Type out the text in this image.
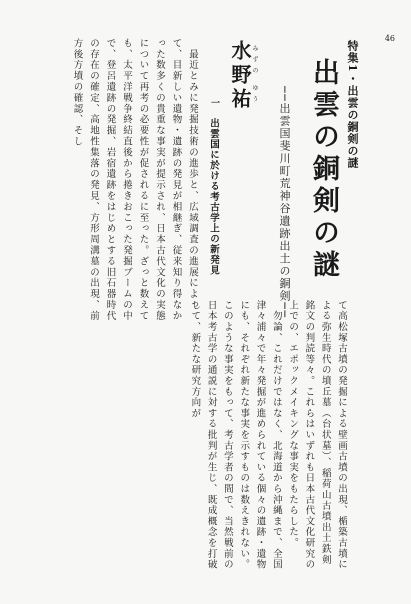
46
特集1・出雲の銅剣の謎
出雲の銅剣の謎
──出雲国斐川町荒神谷遺跡出土の銅剣──
みずの ゆう
水野祐
一
出雲国に於ける考古学上の新発見
　最近とみに発掘技術の進歩と、広域調査の進展によって、目新しい遺物・遺跡の発見が相継ぎ、従来知り得なかった数多くの貴重な事実が提示され、日本古代文化の実態について再考の必要性が促されるに至った。ざっと数えても、太平洋戦争終結直後から捲きおこった発掘ブームの中で、登呂遺跡の発掘、岩宿遺跡をはじめとする旧石器時代の存在の確定、高地性集落の発見、方形周溝墓の出現、前方後方墳の確認、そし
て高松塚古墳の発掘による壁画古墳の出現、楯築古墳による弥生時代の墳丘墓（台状墓）、稲荷山古墳出土鉄剣銘文の判読等々。これらはいずれも日本古代文化研究の上での、エポックメイキングな事実をもたらした。
　勿論、これだけではなく、北海道から沖縄まで、全国津々浦々で年々発掘が進められている個々の遺跡・遺物にも、それぞれ新たな事実を示すものは数えきれない。このような事実をもって、考古学者の間で、当然戦前の日本考古学の通説に対する批判が生じ、既成概念を打破して、新たな研究方向が
